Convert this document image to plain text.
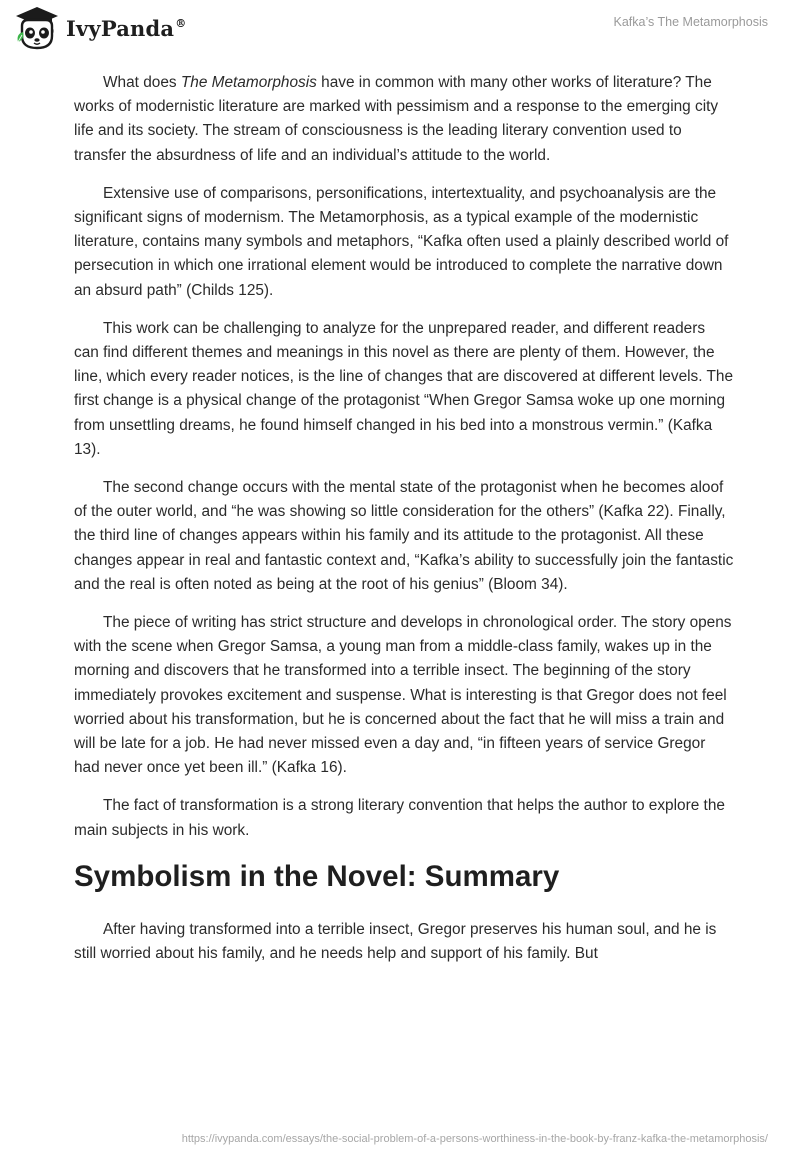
IvyPanda®	Kafka’s The Metamorphosis

What does The Metamorphosis have in common with many other works of literature? The works of modernistic literature are marked with pessimism and a response to the emerging city life and its society. The stream of consciousness is the leading literary convention used to transfer the absurdness of life and an individual’s attitude to the world.

Extensive use of comparisons, personifications, intertextuality, and psychoanalysis are the significant signs of modernism. The Metamorphosis, as a typical example of the modernistic literature, contains many symbols and metaphors, “Kafka often used a plainly described world of persecution in which one irrational element would be introduced to complete the narrative down an absurd path” (Childs 125).

This work can be challenging to analyze for the unprepared reader, and different readers can find different themes and meanings in this novel as there are plenty of them. However, the line, which every reader notices, is the line of changes that are discovered at different levels. The first change is a physical change of the protagonist “When Gregor Samsa woke up one morning from unsettling dreams, he found himself changed in his bed into a monstrous vermin.” (Kafka 13).

The second change occurs with the mental state of the protagonist when he becomes aloof of the outer world, and “he was showing so little consideration for the others” (Kafka 22). Finally, the third line of changes appears within his family and its attitude to the protagonist. All these changes appear in real and fantastic context and, “Kafka’s ability to successfully join the fantastic and the real is often noted as being at the root of his genius” (Bloom 34).

The piece of writing has strict structure and develops in chronological order. The story opens with the scene when Gregor Samsa, a young man from a middle-class family, wakes up in the morning and discovers that he transformed into a terrible insect. The beginning of the story immediately provokes excitement and suspense. What is interesting is that Gregor does not feel worried about his transformation, but he is concerned about the fact that he will miss a train and will be late for a job. He had never missed even a day and, “in fifteen years of service Gregor had never once yet been ill.” (Kafka 16).

The fact of transformation is a strong literary convention that helps the author to explore the main subjects in his work.

Symbolism in the Novel: Summary

After having transformed into a terrible insect, Gregor preserves his human soul, and he is still worried about his family, and he needs help and support of his family. But

https://ivypanda.com/essays/the-social-problem-of-a-persons-worthiness-in-the-book-by-franz-kafka-the-metamorphosis/
